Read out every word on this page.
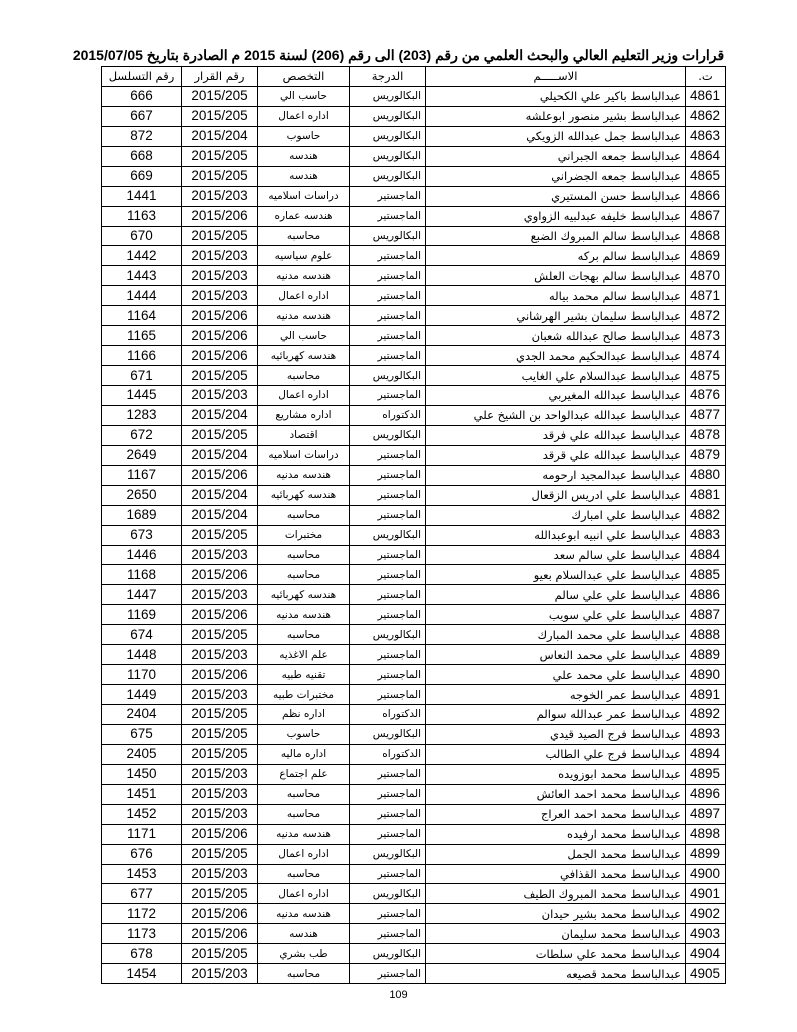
قرارات وزير التعليم العالي والبحث العلمي من رقم (203) الى رقم (206) لسنة 2015 م الصادرة بتاريخ 2015/07/05
ت.	الاســـــم	الدرجة	التخصص	رقم القرار	رقم التسلسل
4861	عبدالباسط باكير علي الكحيلي	البكالوريس	حاسب الي	2015/205	666
4862	عبدالباسط بشير منصور ابوعلشه	البكالوريس	اداره اعمال	2015/205	667
4863	عبدالباسط جمل عبدالله الزويكي	البكالوريس	حاسوب	2015/204	872
4864	عبدالباسط جمعه الجبراني	البكالوريس	هندسه	2015/205	668
4865	عبدالباسط جمعه الجضراني	البكالوريس	هندسه	2015/205	669
4866	عبدالباسط حسن المستيري	الماجستير	دراسات اسلاميه	2015/203	1441
4867	عبدالباسط خليفه عبدلبيه الزواوي	الماجستير	هندسه عماره	2015/206	1163
4868	عبدالباسط سالم المبروك الضبع	البكالوريس	محاسبه	2015/205	670
4869	عبدالباسط سالم بركه	الماجستير	علوم سياسيه	2015/203	1442
4870	عبدالباسط سالم بهجات العلش	الماجستير	هندسه مدنيه	2015/203	1443
4871	عبدالباسط سالم محمد بياله	الماجستير	اداره اعمال	2015/203	1444
4872	عبدالباسط سليمان بشير الهرشاني	الماجستير	هندسه مدنيه	2015/206	1164
4873	عبدالباسط صالح عبدالله شعبان	الماجستير	حاسب الي	2015/206	1165
4874	عبدالباسط عبدالحكيم محمد الجدي	الماجستير	هندسه كهربائيه	2015/206	1166
4875	عبدالباسط عبدالسلام علي الغايب	البكالوريس	محاسبه	2015/205	671
4876	عبدالباسط عبدالله المغيربي	الماجستير	اداره اعمال	2015/203	1445
4877	عبدالباسط عبدالله عبدالواحد بن الشيخ علي	الدكتوراه	اداره مشاريع	2015/204	1283
4878	عبدالباسط عبدالله علي فرقد	البكالوريس	اقتصاد	2015/205	672
4879	عبدالباسط عبدالله علي قرقد	الماجستير	دراسات اسلاميه	2015/204	2649
4880	عبدالباسط عبدالمجيد ارحومه	الماجستير	هندسه مدنيه	2015/206	1167
4881	عبدالباسط علي ادريس الزقعال	الماجستير	هندسه كهربائيه	2015/204	2650
4882	عبدالباسط علي امبارك	الماجستير	محاسبه	2015/204	1689
4883	عبدالباسط علي انبيه ابوعبدالله	البكالوريس	مختبرات	2015/205	673
4884	عبدالباسط علي سالم سعد	الماجستير	محاسبه	2015/203	1446
4885	عبدالباسط علي عبدالسلام بعيو	الماجستير	محاسبه	2015/206	1168
4886	عبدالباسط علي علي سالم	الماجستير	هندسه كهربائيه	2015/203	1447
4887	عبدالباسط علي علي سويب	الماجستير	هندسه مدنيه	2015/206	1169
4888	عبدالباسط علي محمد المبارك	البكالوريس	محاسبه	2015/205	674
4889	عبدالباسط علي محمد النعاس	الماجستير	علم الاغذيه	2015/203	1448
4890	عبدالباسط علي محمد علي	الماجستير	تقنيه طبيه	2015/206	1170
4891	عبدالباسط عمر الخوجه	الماجستير	مختبرات طبيه	2015/203	1449
4892	عبدالباسط عمر عبدالله سوالم	الدكتوراه	اداره نظم	2015/205	2404
4893	عبدالباسط فرج الصيد قيدي	البكالوريس	حاسوب	2015/205	675
4894	عبدالباسط فرج علي الطالب	الدكتوراه	اداره ماليه	2015/205	2405
4895	عبدالباسط محمد ابوزويده	الماجستير	علم اجتماع	2015/203	1450
4896	عبدالباسط محمد احمد العائش	الماجستير	محاسبه	2015/203	1451
4897	عبدالباسط محمد احمد العراج	الماجستير	محاسبه	2015/203	1452
4898	عبدالباسط محمد ارفيده	الماجستير	هندسه مدنيه	2015/206	1171
4899	عبدالباسط محمد الجمل	البكالوريس	اداره اعمال	2015/205	676
4900	عبدالباسط محمد القذافي	الماجستير	محاسبه	2015/203	1453
4901	عبدالباسط محمد المبروك الطيف	البكالوريس	اداره اعمال	2015/205	677
4902	عبدالباسط محمد بشير حيدان	الماجستير	هندسه مدنيه	2015/206	1172
4903	عبدالباسط محمد سليمان	الماجستير	هندسه	2015/206	1173
4904	عبدالباسط محمد علي سلطات	البكالوريس	طب بشري	2015/205	678
4905	عبدالباسط محمد قصيعه	الماجستير	محاسبه	2015/203	1454
109
